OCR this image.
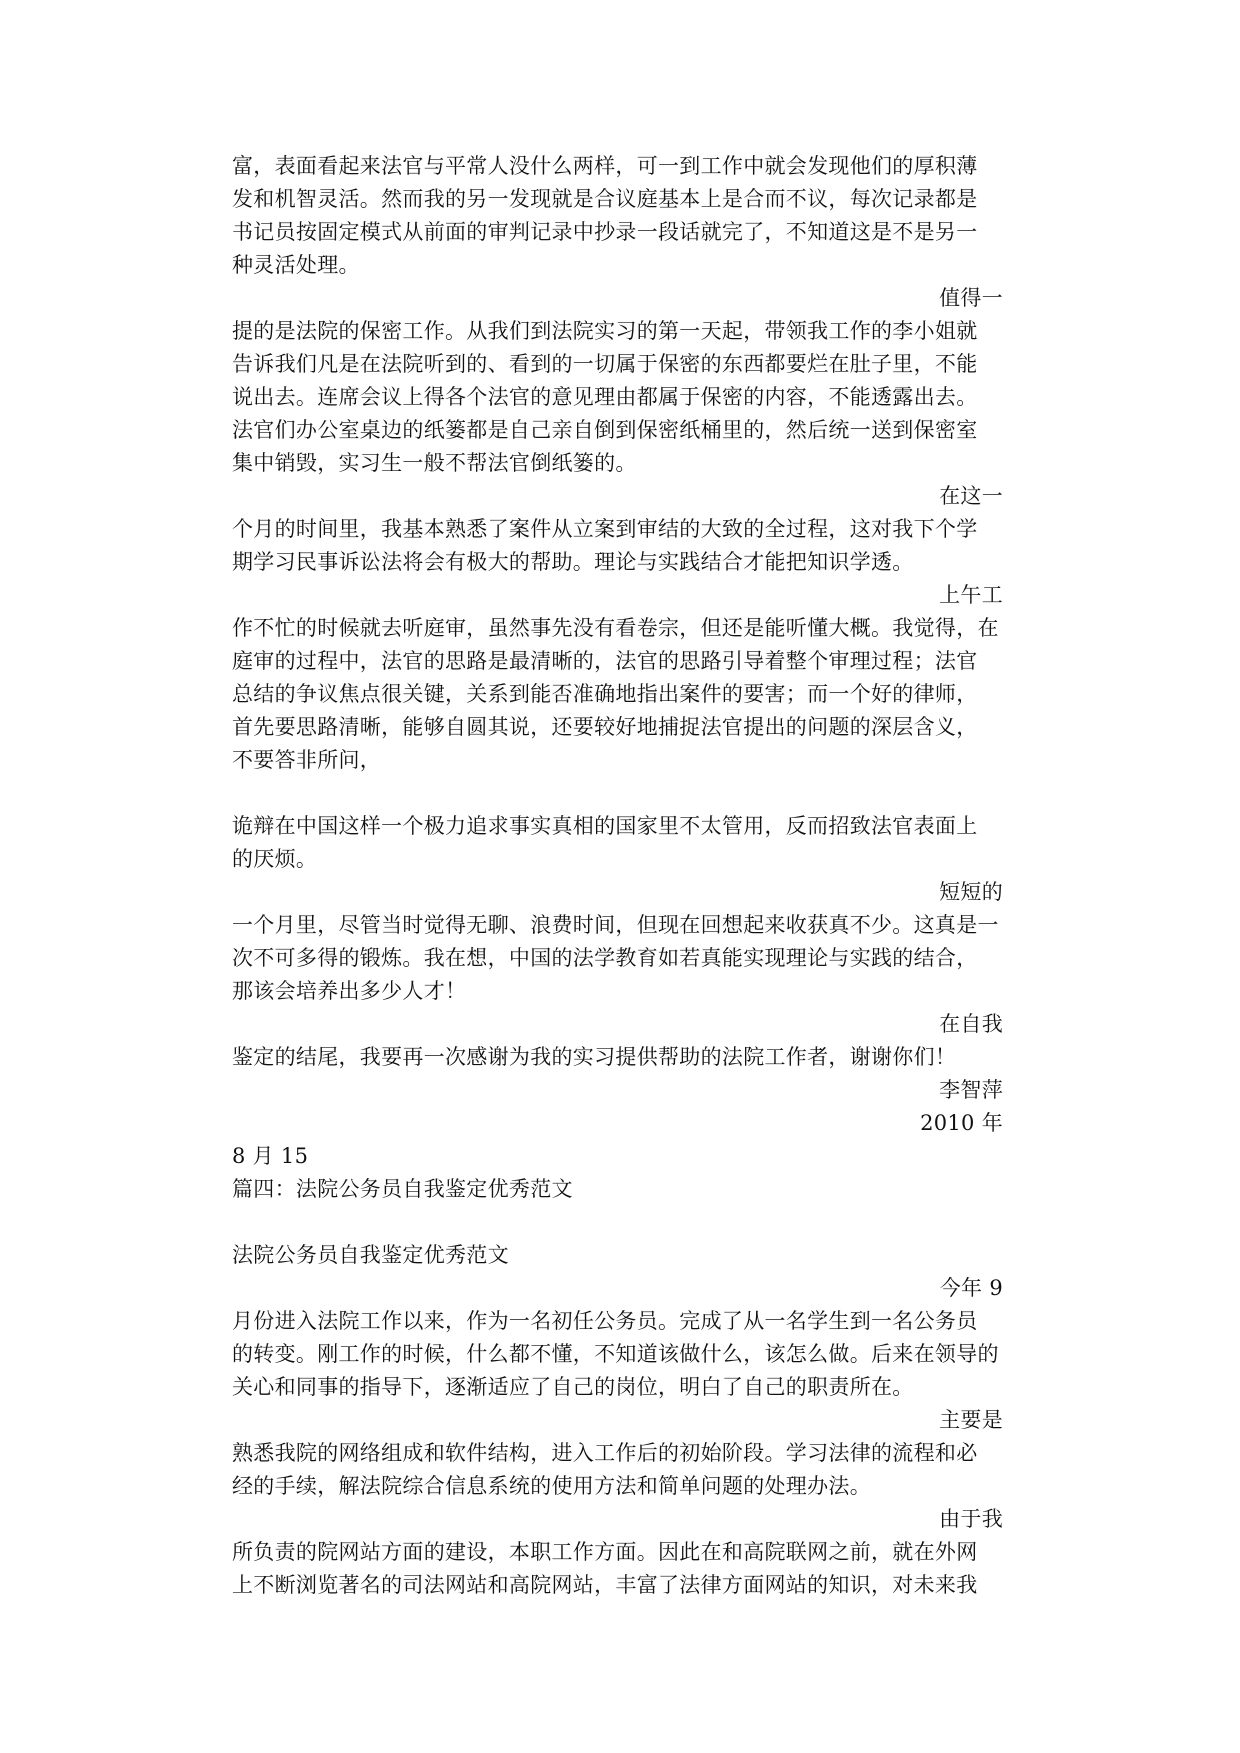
富，表面看起来法官与平常人没什么两样，可一到工作中就会发现他们的厚积薄
发和机智灵活。然而我的另一发现就是合议庭基本上是合而不议，每次记录都是
书记员按固定模式从前面的审判记录中抄录一段话就完了，不知道这是不是另一
种灵活处理。
值得一
提的是法院的保密工作。从我们到法院实习的第一天起，带领我工作的李小姐就
告诉我们凡是在法院听到的、看到的一切属于保密的东西都要烂在肚子里，不能
说出去。连席会议上得各个法官的意见理由都属于保密的内容，不能透露出去。
法官们办公室桌边的纸篓都是自己亲自倒到保密纸桶里的，然后统一送到保密室
集中销毁，实习生一般不帮法官倒纸篓的。
在这一
个月的时间里，我基本熟悉了案件从立案到审结的大致的全过程，这对我下个学
期学习民事诉讼法将会有极大的帮助。理论与实践结合才能把知识学透。
上午工
作不忙的时候就去听庭审，虽然事先没有看卷宗，但还是能听懂大概。我觉得，在
庭审的过程中，法官的思路是最清晰的，法官的思路引导着整个审理过程；法官
总结的争议焦点很关键，关系到能否准确地指出案件的要害；而一个好的律师，
首先要思路清晰，能够自圆其说，还要较好地捕捉法官提出的问题的深层含义，
不要答非所问，
诡辩在中国这样一个极力追求事实真相的国家里不太管用，反而招致法官表面上
的厌烦。
短短的
一个月里，尽管当时觉得无聊、浪费时间，但现在回想起来收获真不少。这真是一
次不可多得的锻炼。我在想，中国的法学教育如若真能实现理论与实践的结合，
那该会培养出多少人才！
在自我
鉴定的结尾，我要再一次感谢为我的实习提供帮助的法院工作者，谢谢你们！
李智萍
2010 年
8 月 15
篇四：法院公务员自我鉴定优秀范文
法院公务员自我鉴定优秀范文
今年 9
月份进入法院工作以来，作为一名初任公务员。完成了从一名学生到一名公务员
的转变。刚工作的时候，什么都不懂，不知道该做什么，该怎么做。后来在领导的
关心和同事的指导下，逐渐适应了自己的岗位，明白了自己的职责所在。
主要是
熟悉我院的网络组成和软件结构，进入工作后的初始阶段。学习法律的流程和必
经的手续，解法院综合信息系统的使用方法和简单问题的处理办法。
由于我
所负责的院网站方面的建设，本职工作方面。因此在和高院联网之前，就在外网
上不断浏览著名的司法网站和高院网站，丰富了法律方面网站的知识，对未来我
